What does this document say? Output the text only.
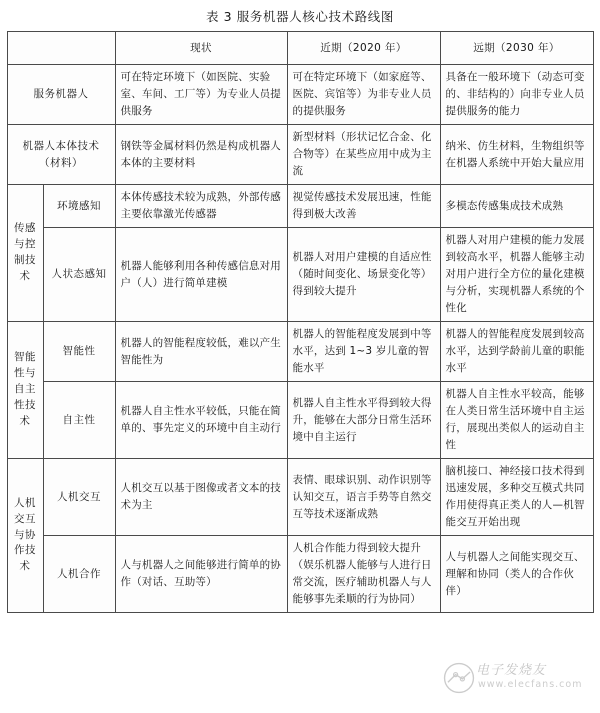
表 3 服务机器人核心技术路线图
		现状	近期（2020 年）	远期（2030 年）
服务机器人		可在特定环境下（如医院、实验室、车间、工厂等）为专业人员提供服务	可在特定环境下（如家庭等、医院、宾馆等）为非专业人员的提供服务	具备在一般环境下（动态可变的、非结构的）向非专业人员提供服务的能力
机器人本体技术（材料）		钢铁等金属材料仍然是构成机器人本体的主要材料	新型材料（形状记忆合金、化合物等）在某些应用中成为主流	纳米、仿生材料，生物组织等在机器人系统中开始大量应用

传感与控制技术	环境感知	本体传感技术较为成熟，外部传感主要依靠激光传感器	视觉传感技术发展迅速，性能得到极大改善	多模态传感集成技术成熟
	人状态感知	机器人能够利用各种传感信息对用户（人）进行简单建模	机器人对用户建模的自适应性（随时间变化、场景变化等）得到较大提升	机器人对用户建模的能力发展到较高水平，机器人能够主动对用户进行全方位的量化建模与分析，实现机器人系统的个性化

智能性与自主性技术	智能性	机器人的智能程度较低，难以产生智能性为	机器人的智能程度发展到中等水平，达到 1~3 岁儿童的智能水平	机器人的智能程度发展到较高水平，达到学龄前儿童的职能水平
	自主性	机器人自主性水平较低，只能在简单的、事先定义的环境中自主动行	机器人自主性水平得到较大得升，能够在大部分日常生活环境中自主运行	机器人自主性水平较高，能够在人类日常生活环境中自主运行，展现出类似人的运动自主性

人机交互与协作技术	人机交互	人机交互以基于图像或者文本的技术为主	表情、眼球识别、动作识别等认知交互，语言手势等自然交互等技术逐渐成熟	脑机接口、神经接口技术得到迅速发展，多种交互模式共同作用使得真正类人的人—机智能交互开始出现
	人机合作	人与机器人之间能够进行简单的协作（对话、互助等）	人机合作能力得到较大提升（娱乐机器人能够与人进行日常交流，医疗辅助机器人与人能够事先柔顺的行为协同）	人与机器人之间能实现交互、理解和协同（类人的合作伙伴）
电子发烧友
www.elecfans.com
